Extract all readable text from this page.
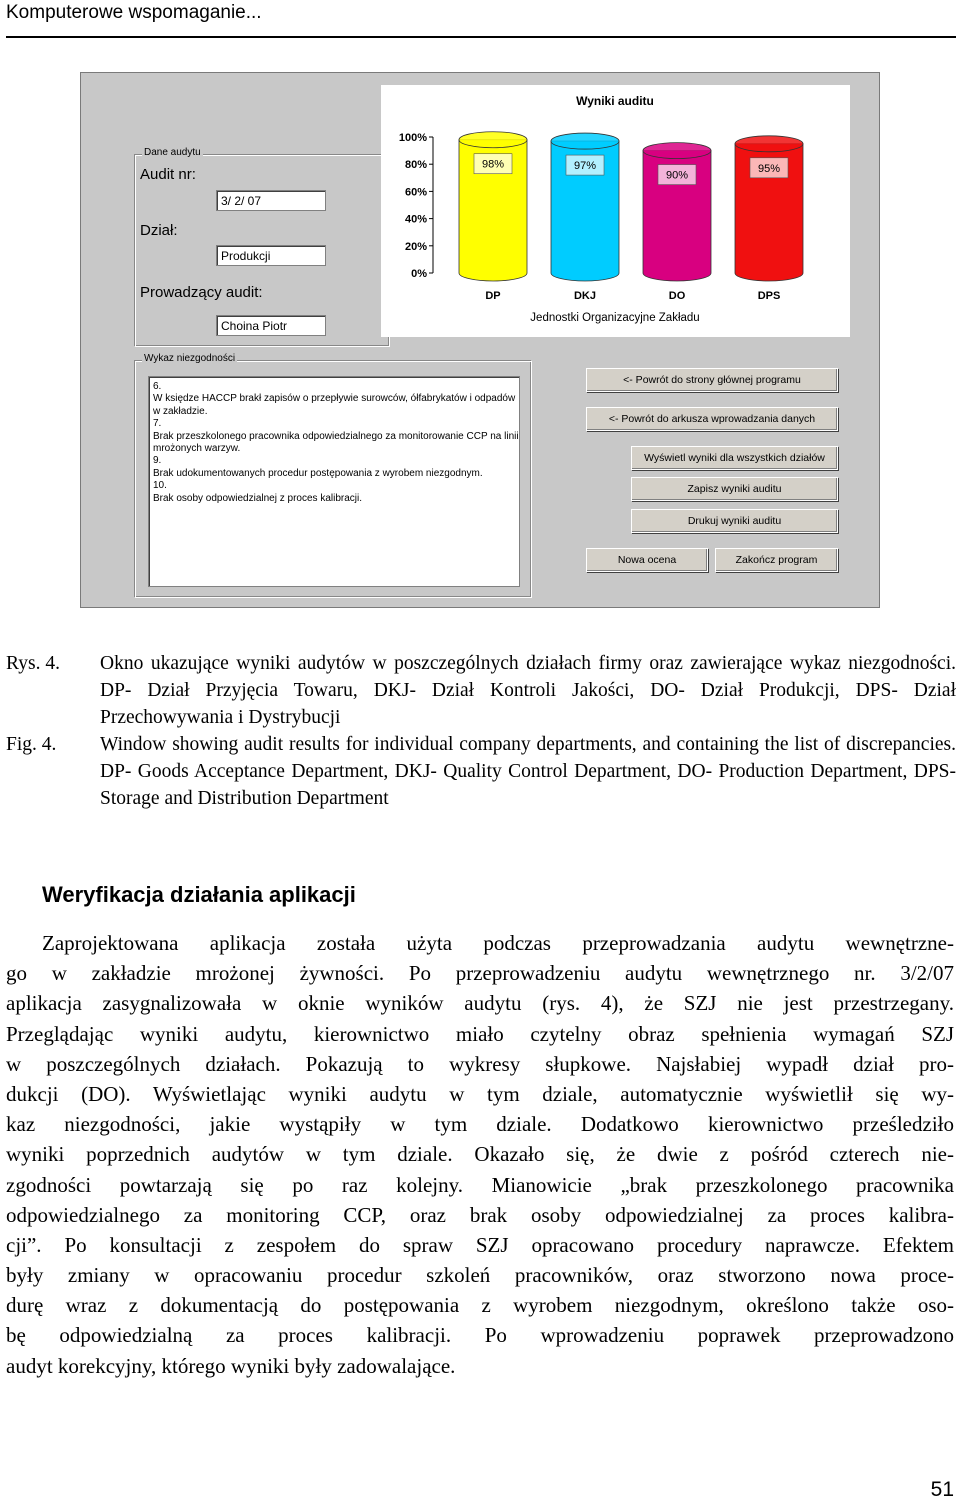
Komputerowe wspomaganie...
Dane audytu
Audit nr:
3/ 2/ 07
Dział:
Produkcji
Prowadzący audit:
Choina Piotr
Wykaz niezgodności
6.
W księdze HACCP brakł zapisów o przepływie surowców, ółfabrykatów i odpadów
w zakładzie.
7.
Brak przeszkolonego pracownika odpowiedzialnego za monitorowanie CCP na linii
mrożonych warzyw.
9.
Brak udokumentowanych procedur postępowania z wyrobem niezgodnym.
10.
Brak osoby odpowiedzialnej z proces kalibracji.
Wyniki auditu
100%
80%
60%
40%
20%
0%
98%
DP
97%
DKJ
90%
DO
95%
DPS
Jednostki Organizacyjne Zakładu
<- Powrót do strony głównej programu
<- Powrót do arkusza wprowadzania danych
Wyświetl wyniki dla wszystkich działów
Zapisz wyniki auditu
Drukuj wyniki auditu
Nowa ocena	Zakończ program
Rys. 4. Okno ukazujące wyniki audytów w poszczególnych działach firmy oraz zawierające wykaz niezgodności. DP- Dział Przyjęcia Towaru, DKJ- Dział Kontroli Jakości, DO- Dział Produkcji, DPS- Dział Przechowywania i Dystrybucji
Fig. 4. Window showing audit results for individual company departments, and containing the list of discrepancies. DP- Goods Acceptance Department, DKJ- Quality Control Department, DO- Production Department, DPS- Storage and Distribution Department
Weryfikacja działania aplikacji
Zaprojektowana aplikacja została użyta podczas przeprowadzania audytu wewnętrzne-
go w zakładzie mrożonej żywności. Po przeprowadzeniu audytu wewnętrznego nr. 3/2/07
aplikacja zasygnalizowała w oknie wyników audytu (rys. 4), że SZJ nie jest przestrzegany.
Przeglądając wyniki audytu, kierownictwo miało czytelny obraz spełnienia wymagań SZJ
w poszczególnych działach. Pokazują to wykresy słupkowe. Najsłabiej wypadł dział pro-
dukcji (DO). Wyświetlając wyniki audytu w tym dziale, automatycznie wyświetlił się wy-
kaz niezgodności, jakie wystąpiły w tym dziale. Dodatkowo kierownictwo prześledziło
wyniki poprzednich audytów w tym dziale. Okazało się, że dwie z pośród czterech nie-
zgodności powtarzają się po raz kolejny. Mianowicie „brak przeszkolonego pracownika
odpowiedzialnego za monitoring CCP, oraz brak osoby odpowiedzialnej za proces kalibra-
cji”. Po konsultacji z zespołem do spraw SZJ opracowano procedury naprawcze. Efektem
były zmiany w opracowaniu procedur szkoleń pracowników, oraz stworzono nowa proce-
durę wraz z dokumentacją do postępowania z wyrobem niezgodnym, określono także oso-
bę odpowiedzialną za proces kalibracji. Po wprowadzeniu poprawek przeprowadzono
audyt korekcyjny, którego wyniki były zadowalające.
51
